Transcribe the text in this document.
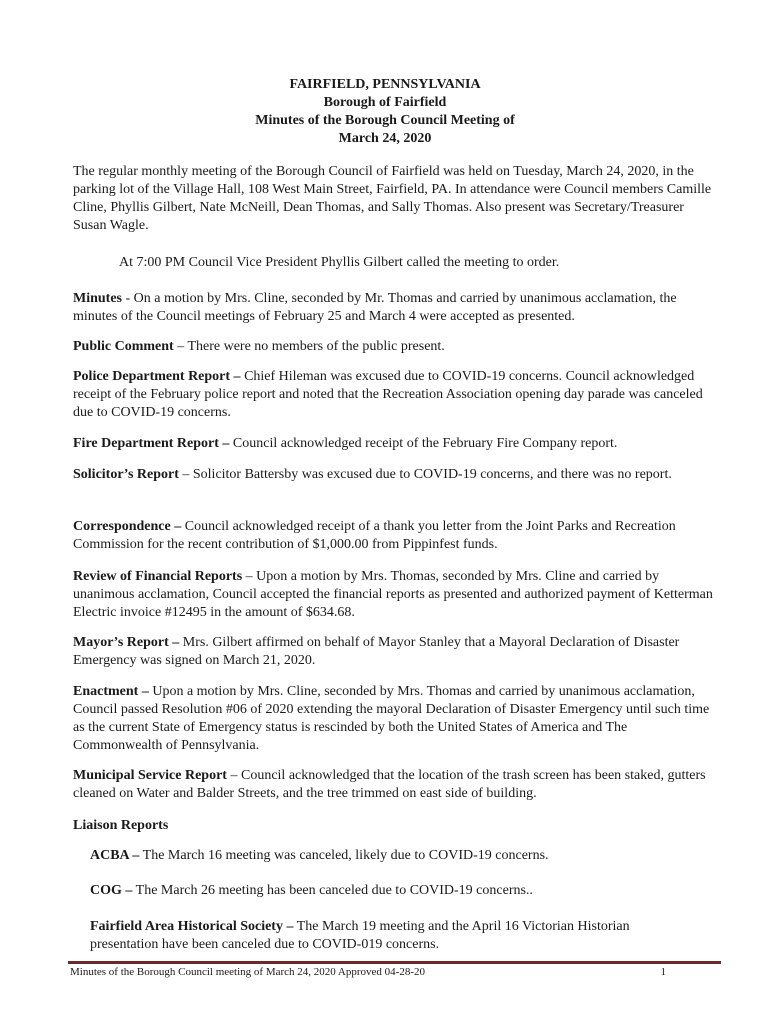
FAIRFIELD, PENNSYLVANIA
Borough of Fairfield
Minutes of the Borough Council Meeting of
March 24, 2020

The regular monthly meeting of the Borough Council of Fairfield was held on Tuesday, March 24, 2020, in the parking lot of the Village Hall, 108 West Main Street, Fairfield, PA. In attendance were Council members Camille Cline, Phyllis Gilbert, Nate McNeill, Dean Thomas, and Sally Thomas. Also present was Secretary/Treasurer Susan Wagle.

At 7:00 PM Council Vice President Phyllis Gilbert called the meeting to order.

Minutes - On a motion by Mrs. Cline, seconded by Mr. Thomas and carried by unanimous acclamation, the minutes of the Council meetings of February 25 and March 4 were accepted as presented.

Public Comment – There were no members of the public present.

Police Department Report – Chief Hileman was excused due to COVID-19 concerns. Council acknowledged receipt of the February police report and noted that the Recreation Association opening day parade was canceled due to COVID-19 concerns.

Fire Department Report – Council acknowledged receipt of the February Fire Company report.

Solicitor’s Report – Solicitor Battersby was excused due to COVID-19 concerns, and there was no report.

Correspondence – Council acknowledged receipt of a thank you letter from the Joint Parks and Recreation Commission for the recent contribution of $1,000.00 from Pippinfest funds.

Review of Financial Reports – Upon a motion by Mrs. Thomas, seconded by Mrs. Cline and carried by unanimous acclamation, Council accepted the financial reports as presented and authorized payment of Ketterman Electric invoice #12495 in the amount of $634.68.

Mayor’s Report – Mrs. Gilbert affirmed on behalf of Mayor Stanley that a Mayoral Declaration of Disaster Emergency was signed on March 21, 2020.

Enactment – Upon a motion by Mrs. Cline, seconded by Mrs. Thomas and carried by unanimous acclamation, Council passed Resolution #06 of 2020 extending the mayoral Declaration of Disaster Emergency until such time as the current State of Emergency status is rescinded by both the United States of America and The Commonwealth of Pennsylvania.

Municipal Service Report – Council acknowledged that the location of the trash screen has been staked, gutters cleaned on Water and Balder Streets, and the tree trimmed on east side of building.

Liaison Reports

ACBA – The March 16 meeting was canceled, likely due to COVID-19 concerns.

COG – The March 26 meeting has been canceled due to COVID-19 concerns..

Fairfield Area Historical Society – The March 19 meeting and the April 16 Victorian Historian presentation have been canceled due to COVID-019 concerns.

Minutes of the Borough Council meeting of March 24, 2020 Approved 04-28-20	1
